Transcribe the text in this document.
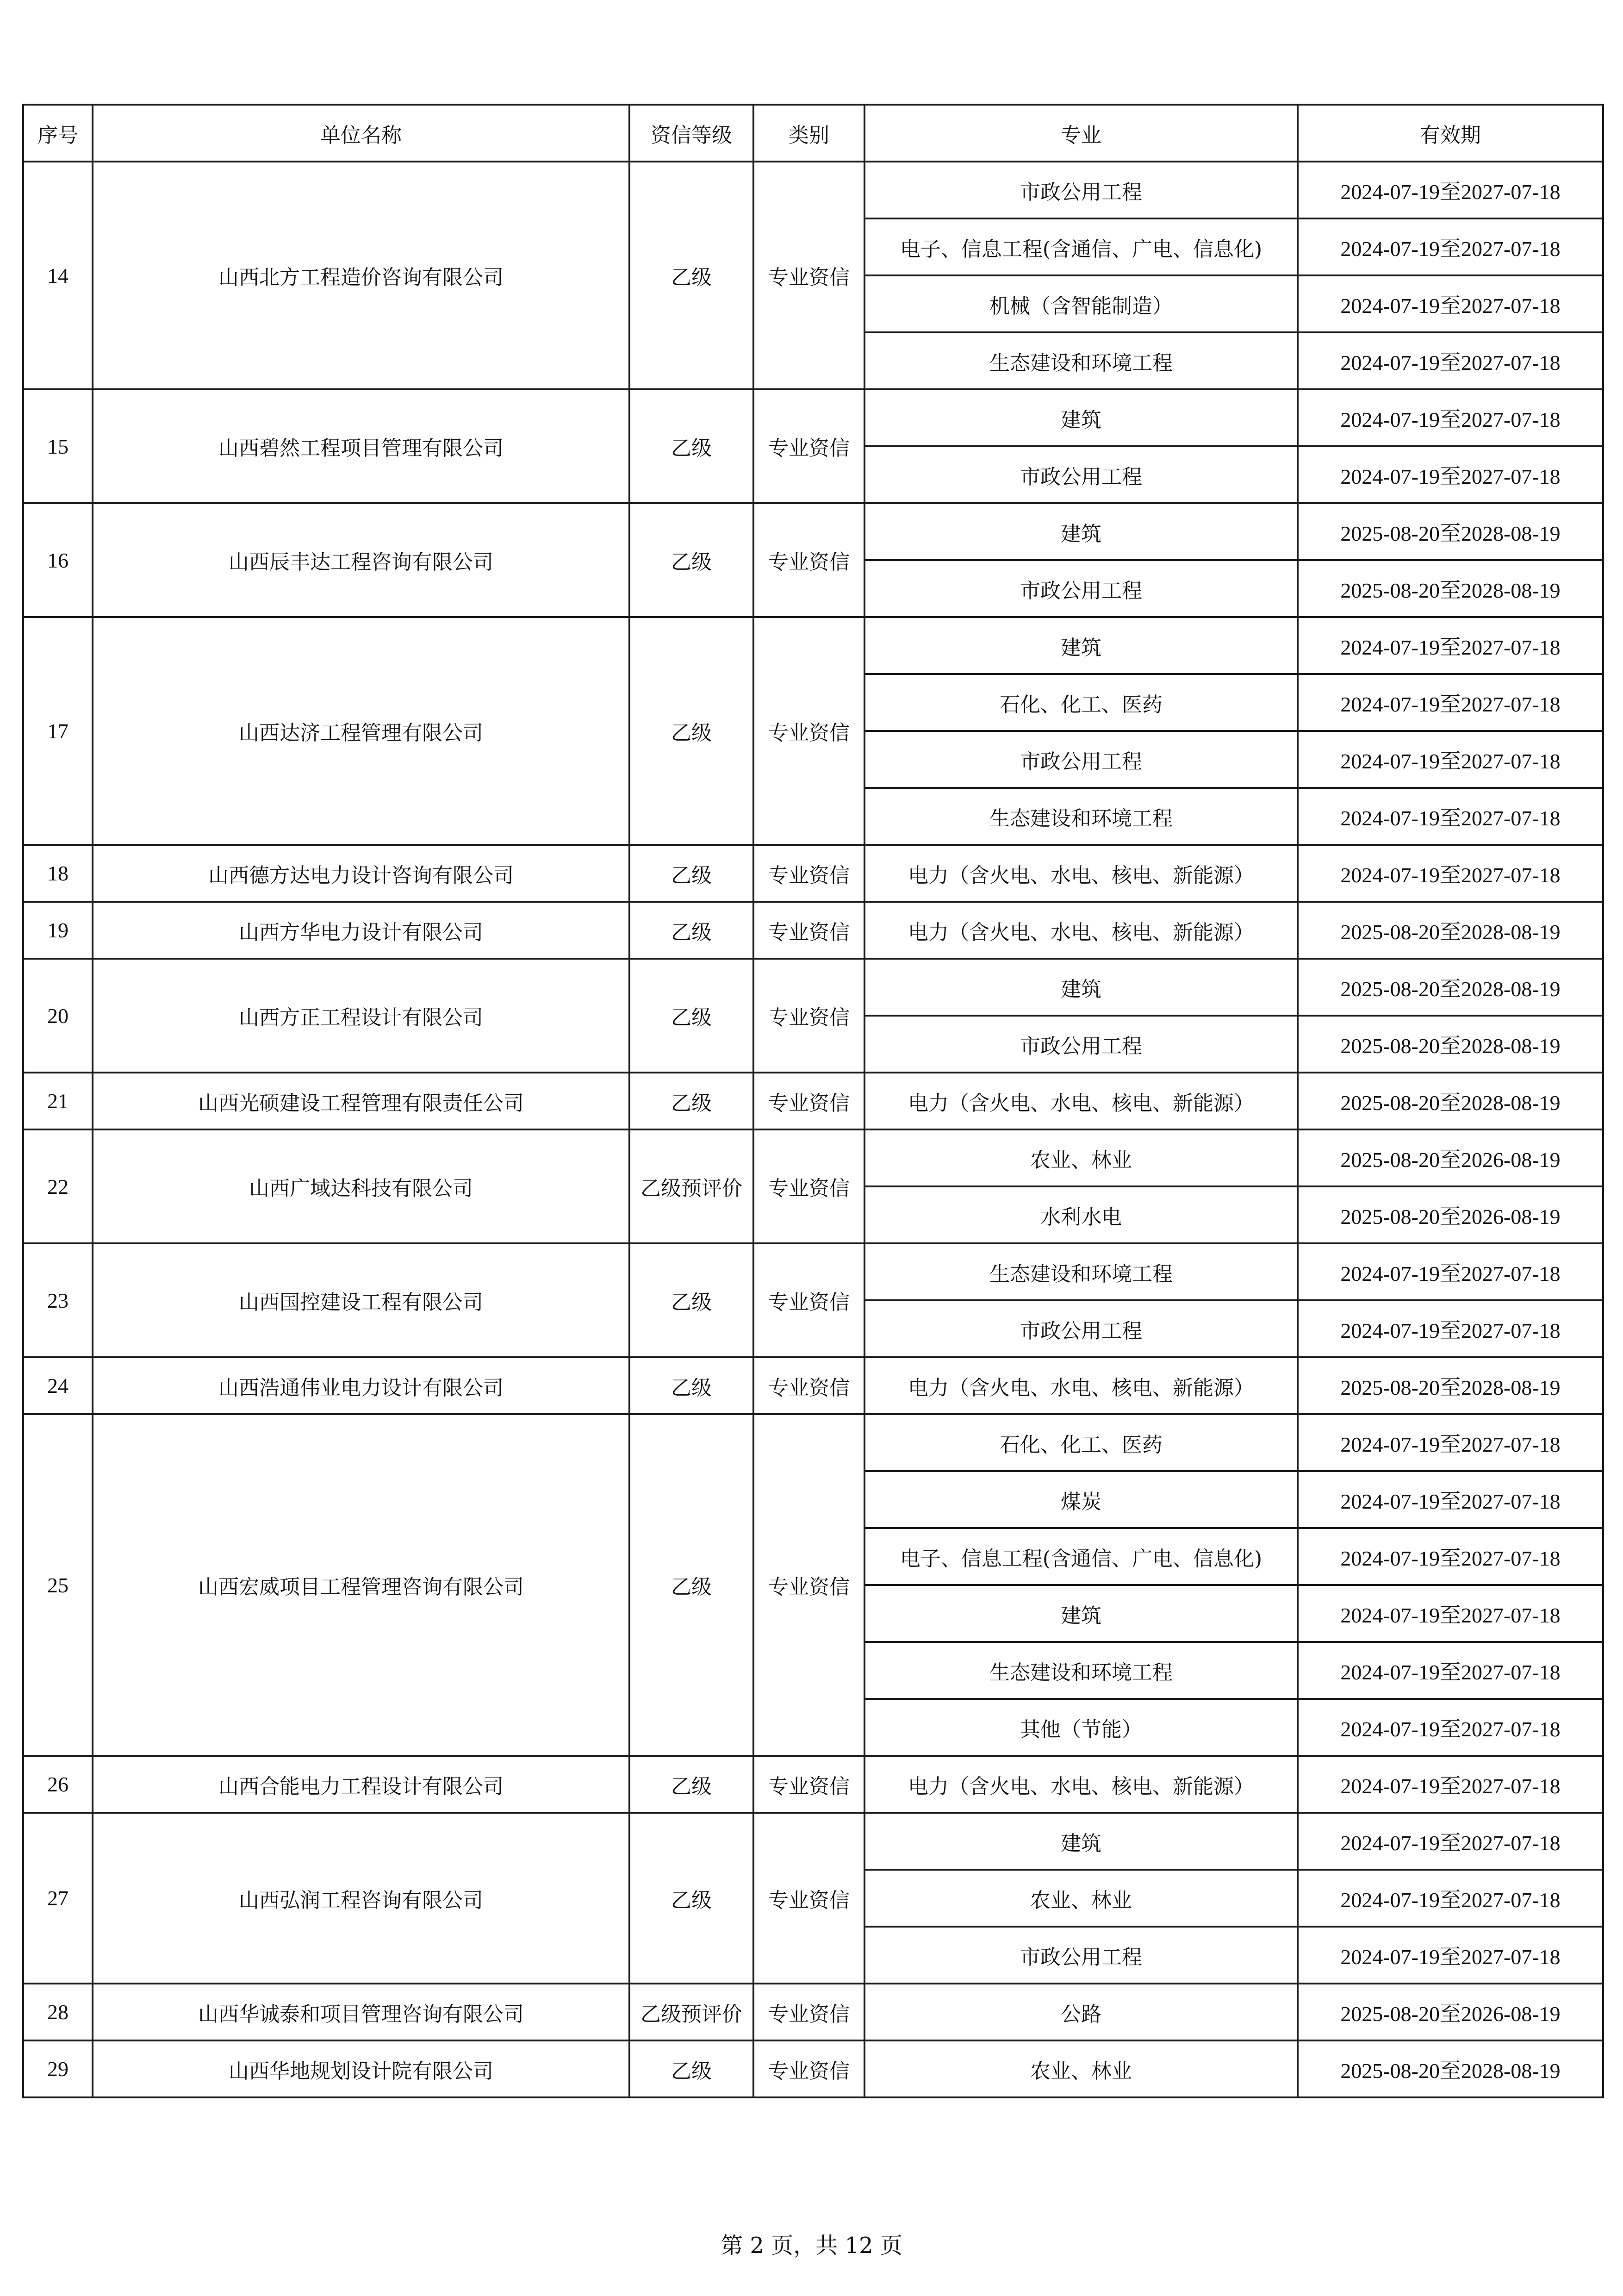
序号	单位名称	资信等级	类别	专业	有效期
14	山西北方工程造价咨询有限公司	乙级	专业资信	市政公用工程	2024-07-19至2027-07-18
				电子、信息工程(含通信、广电、信息化)	2024-07-19至2027-07-18
				机械（含智能制造）	2024-07-19至2027-07-18
				生态建设和环境工程	2024-07-19至2027-07-18
15	山西碧然工程项目管理有限公司	乙级	专业资信	建筑	2024-07-19至2027-07-18
				市政公用工程	2024-07-19至2027-07-18
16	山西辰丰达工程咨询有限公司	乙级	专业资信	建筑	2025-08-20至2028-08-19
				市政公用工程	2025-08-20至2028-08-19
17	山西达济工程管理有限公司	乙级	专业资信	建筑	2024-07-19至2027-07-18
				石化、化工、医药	2024-07-19至2027-07-18
				市政公用工程	2024-07-19至2027-07-18
				生态建设和环境工程	2024-07-19至2027-07-18
18	山西德方达电力设计咨询有限公司	乙级	专业资信	电力（含火电、水电、核电、新能源）	2024-07-19至2027-07-18
19	山西方华电力设计有限公司	乙级	专业资信	电力（含火电、水电、核电、新能源）	2025-08-20至2028-08-19
20	山西方正工程设计有限公司	乙级	专业资信	建筑	2025-08-20至2028-08-19
				市政公用工程	2025-08-20至2028-08-19
21	山西光硕建设工程管理有限责任公司	乙级	专业资信	电力（含火电、水电、核电、新能源）	2025-08-20至2028-08-19
22	山西广域达科技有限公司	乙级预评价	专业资信	农业、林业	2025-08-20至2026-08-19
				水利水电	2025-08-20至2026-08-19
23	山西国控建设工程有限公司	乙级	专业资信	生态建设和环境工程	2024-07-19至2027-07-18
				市政公用工程	2024-07-19至2027-07-18
24	山西浩通伟业电力设计有限公司	乙级	专业资信	电力（含火电、水电、核电、新能源）	2025-08-20至2028-08-19
25	山西宏威项目工程管理咨询有限公司	乙级	专业资信	石化、化工、医药	2024-07-19至2027-07-18
				煤炭	2024-07-19至2027-07-18
				电子、信息工程(含通信、广电、信息化)	2024-07-19至2027-07-18
				建筑	2024-07-19至2027-07-18
				生态建设和环境工程	2024-07-19至2027-07-18
				其他（节能）	2024-07-19至2027-07-18
26	山西合能电力工程设计有限公司	乙级	专业资信	电力（含火电、水电、核电、新能源）	2024-07-19至2027-07-18
27	山西弘润工程咨询有限公司	乙级	专业资信	建筑	2024-07-19至2027-07-18
				农业、林业	2024-07-19至2027-07-18
				市政公用工程	2024-07-19至2027-07-18
28	山西华诚泰和项目管理咨询有限公司	乙级预评价	专业资信	公路	2025-08-20至2026-08-19
29	山西华地规划设计院有限公司	乙级	专业资信	农业、林业	2025-08-20至2028-08-19
第 2 页，共 12 页
